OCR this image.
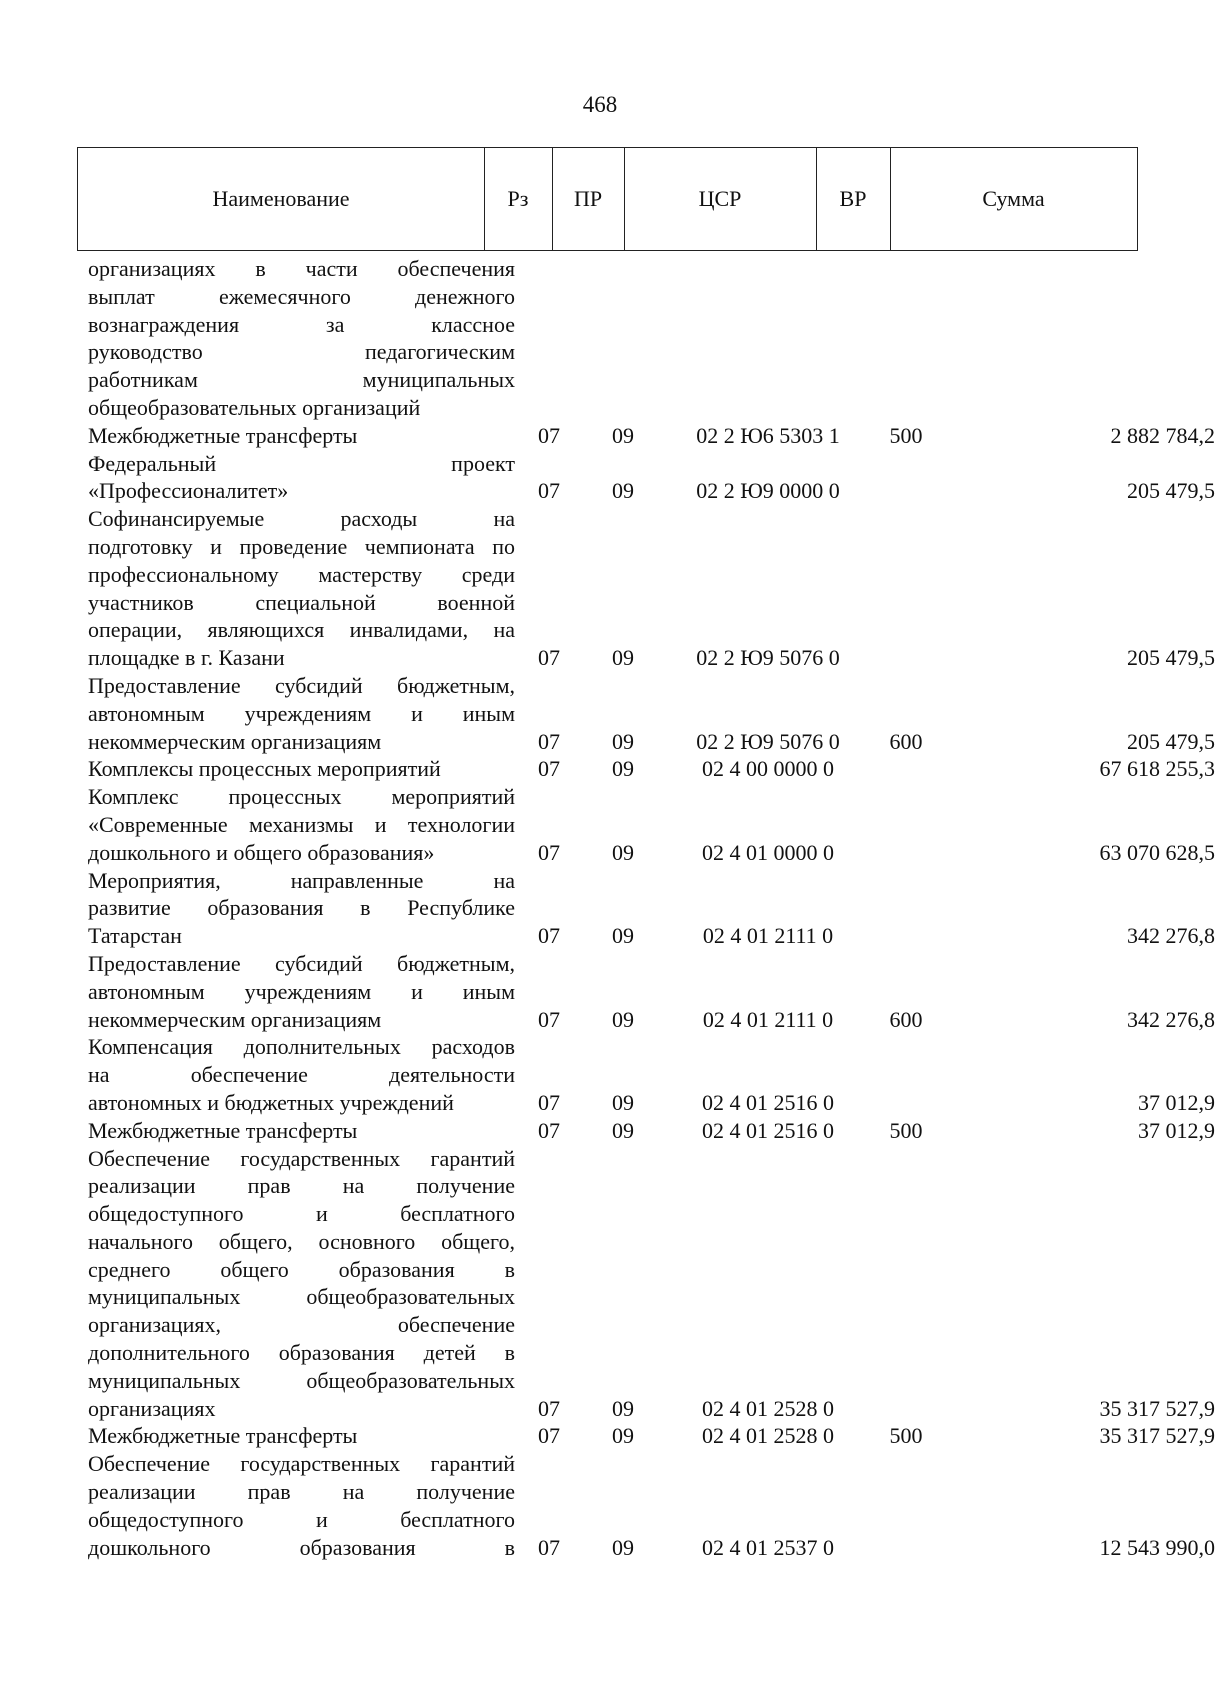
468
Наименование	Рз	ПР	ЦСР	ВР	Сумма
организациях в части обеспечения
выплат ежемесячного денежного
вознаграждения за классное
руководство педагогическим
работникам муниципальных
общеобразовательных организаций
Межбюджетные трансферты	07 09	02 2 Ю6 5303 1	500	2 882 784,2
Федеральный проект
«Профессионалитет»	07 09	02 2 Ю9 0000 0	205 479,5
Софинансируемые расходы на
подготовку и проведение чемпионата по
профессиональному мастерству среди
участников специальной военной
операции, являющихся инвалидами, на
площадке в г. Казани	07 09	02 2 Ю9 5076 0	205 479,5
Предоставление субсидий бюджетным,
автономным учреждениям и иным
некоммерческим организациям	07 09	02 2 Ю9 5076 0	600	205 479,5
Комплексы процессных мероприятий	07 09	02 4 00 0000 0	67 618 255,3
Комплекс процессных мероприятий
«Современные механизмы и технологии
дошкольного и общего образования»	07 09	02 4 01 0000 0	63 070 628,5
Мероприятия, направленные на
развитие образования в Республике
Татарстан	07 09	02 4 01 2111 0	342 276,8
Предоставление субсидий бюджетным,
автономным учреждениям и иным
некоммерческим организациям	07 09	02 4 01 2111 0	600	342 276,8
Компенсация дополнительных расходов
на обеспечение деятельности
автономных и бюджетных учреждений	07 09	02 4 01 2516 0	37 012,9
Межбюджетные трансферты	07 09	02 4 01 2516 0	500	37 012,9
Обеспечение государственных гарантий
реализации прав на получение
общедоступного и бесплатного
начального общего, основного общего,
среднего общего образования в
муниципальных общеобразовательных
организациях, обеспечение
дополнительного образования детей в
муниципальных общеобразовательных
организациях	07 09	02 4 01 2528 0	35 317 527,9
Межбюджетные трансферты	07 09	02 4 01 2528 0	500	35 317 527,9
Обеспечение государственных гарантий
реализации прав на получение
общедоступного и бесплатного
дошкольного образования в 07 09	02 4 01 2537 0	12 543 990,0
